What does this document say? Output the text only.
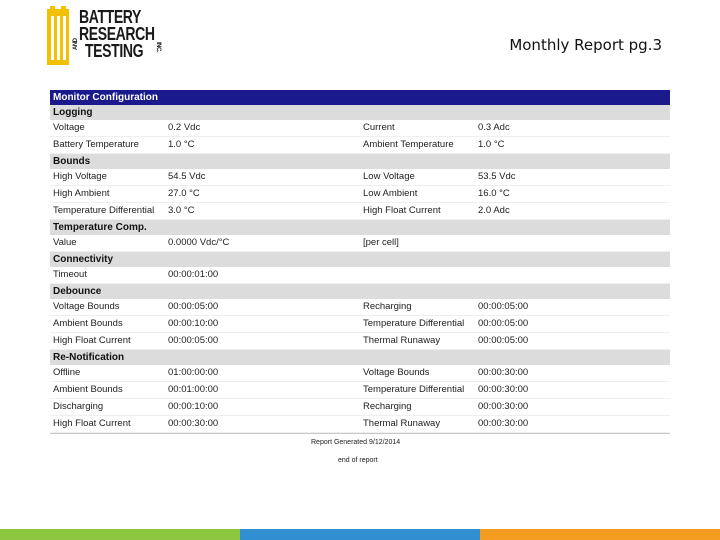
BATTERY
RESEARCH
AND TESTING INC.	Monthly Report pg.3
Monitor Configuration
Logging
Voltage	0.2 Vdc	Current	0.3 Adc
Battery Temperature	1.0 °C	Ambient Temperature	1.0 °C
Bounds
High Voltage	54.5 Vdc	Low Voltage	53.5 Vdc
High Ambient	27.0 °C	Low Ambient	16.0 °C
Temperature Differential 3.0 °C	High Float Current	2.0 Adc
Temperature Comp.
Value	0.0000 Vdc/°C	[per cell]
Connectivity
Timeout	00:00:01:00
Debounce
Voltage Bounds	00:00:05:00	Recharging	00:00:05:00
Ambient Bounds	00:00:10:00	Temperature Differential 00:00:05:00
High Float Current	00:00:05:00	Thermal Runaway	00:00:05:00
Re-Notification
Offline	01:00:00:00	Voltage Bounds	00:00:30:00
Ambient Bounds	00:01:00:00	Temperature Differential 00:00:30:00
Discharging	00:00:10:00	Recharging	00:00:30:00
High Float Current	00:00:30:00	Thermal Runaway	00:00:30:00
Report Generated 9/12/2014
end of report
